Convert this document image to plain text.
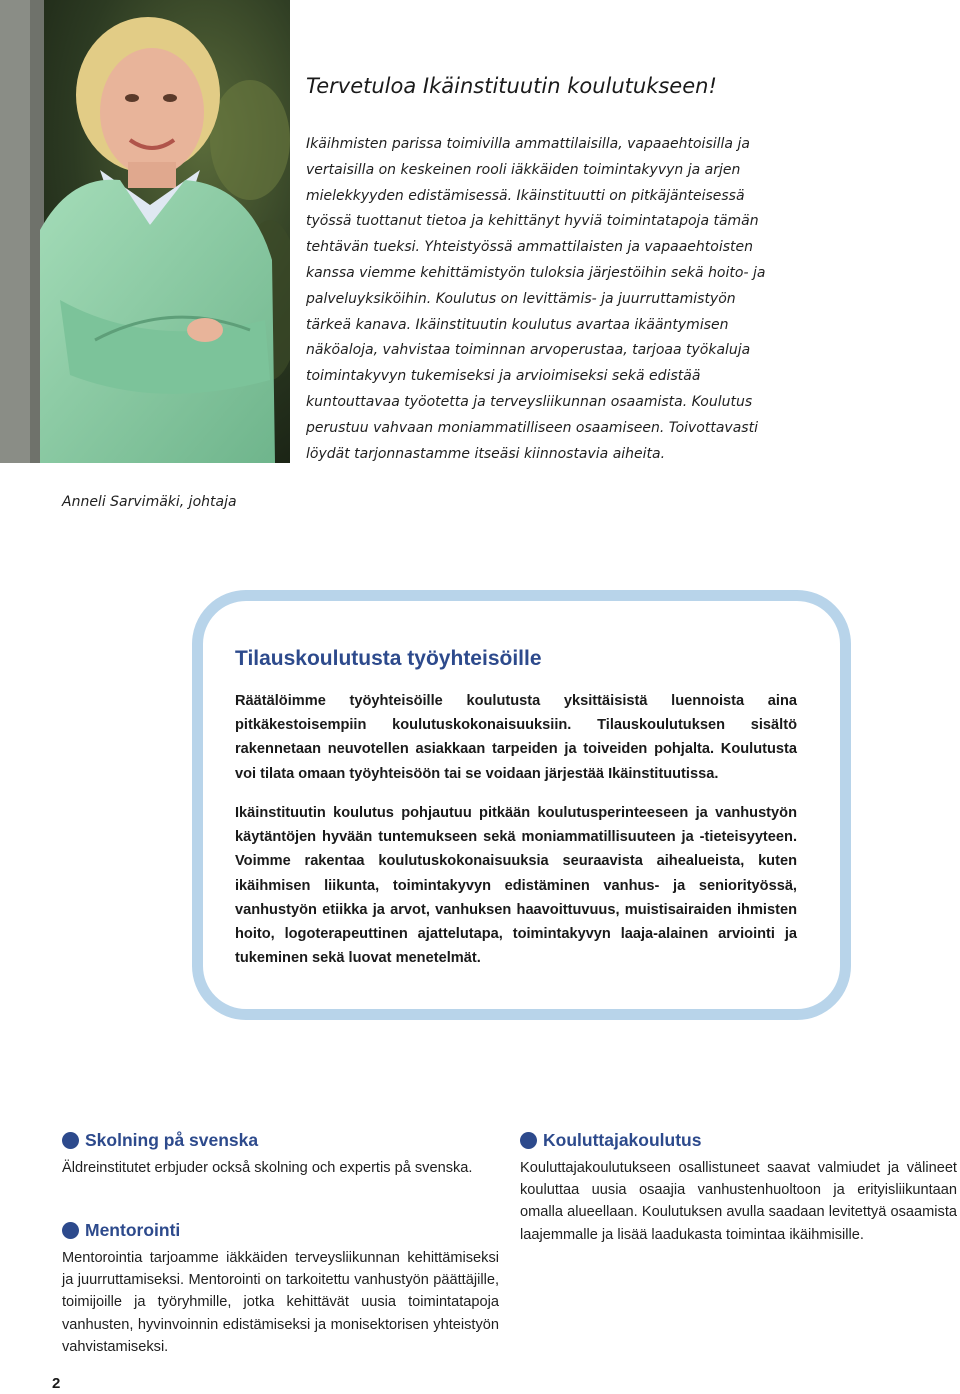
Tervetuloa Ikäinstituutin koulutukseen!

Ikäihmisten parissa toimivilla ammattilaisilla, vapaaehtoisilla ja vertaisilla on keskeinen rooli iäkkäiden toimintakyvyn ja arjen mielekkyyden edistämisessä. Ikäinstituutti on pitkäjänteisessä työssä tuottanut tietoa ja kehittänyt hyviä toimintatapoja tämän tehtävän tueksi. Yhteistyössä ammattilaisten ja vapaaehtoisten kanssa viemme kehittämistyön tuloksia järjestöihin sekä hoito- ja palveluyksiköihin. Koulutus on levittämis- ja juurruttamistyön tärkeä kanava. Ikäinstituutin koulutus avartaa ikääntymisen näköaloja, vahvistaa toiminnan arvoperustaa, tarjoaa työkaluja toimintakyvyn tukemiseksi ja arvioimiseksi sekä edistää kuntouttavaa työotetta ja terveysliikunnan osaamista. Koulutus perustuu vahvaan moniammatilliseen osaamiseen. Toivottavasti löydät tarjonnastamme itseäsi kiinnostavia aiheita.

Anneli Sarvimäki, johtaja

Tilauskoulutusta työyhteisöille

Räätälöimme työyhteisöille koulutusta yksittäisistä luennoista aina pitkäkestoisempiin koulutuskokonaisuuksiin. Tilauskoulutuksen sisältö rakennetaan neuvotellen asiakkaan tarpeiden ja toiveiden pohjalta. Koulutusta voi tilata omaan työyhteisöön tai se voidaan järjestää Ikäinstituutissa.

Ikäinstituutin koulutus pohjautuu pitkään koulutusperinteeseen ja vanhustyön käytäntöjen hyvään tuntemukseen sekä moniammatillisuuteen ja -tieteisyyteen. Voimme rakentaa koulutuskokonaisuuksia seuraavista aihealueista, kuten ikäihmisen liikunta, toimintakyvyn edistäminen vanhus- ja seniorityössä, vanhustyön etiikka ja arvot, vanhuksen haavoittuvuus, muistisairaiden ihmisten hoito, logoterapeuttinen ajattelutapa, toimintakyvyn laaja-alainen arviointi ja tukeminen sekä luovat menetelmät.

Skolning på svenska

Äldreinstitutet erbjuder också skolning och expertis på svenska.

Mentorointi

Mentorointia tarjoamme iäkkäiden terveysliikunnan kehittämiseksi ja juurruttamiseksi. Mentorointi on tarkoitettu vanhustyön päättäjille, toimijoille ja työryhmille, jotka kehittävät uusia toimintatapoja vanhusten, hyvinvoinnin edistämiseksi ja monisektorisen yhteistyön vahvistamiseksi.

Kouluttajakoulutus

Kouluttajakoulutukseen osallistuneet saavat valmiudet ja välineet kouluttaa uusia osaajia vanhustenhuoltoon ja erityisliikuntaan omalla alueellaan. Koulutuksen avulla saadaan levitettyä osaamista laajemmalle ja lisää laadukasta toimintaa ikäihmisille.

2
